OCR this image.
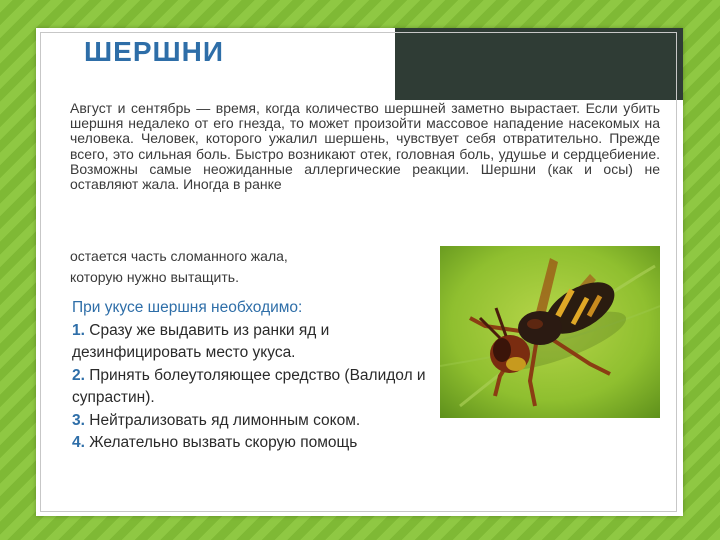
ШЕРШНИ

Август и сентябрь — время, когда количество шершней заметно вырастает. Если убить шершня недалеко от его гнезда, то может произойти массовое нападение насекомых на человека. Человек, которого ужалил шершень, чувствует себя отвратительно. Прежде всего, это сильная боль. Быстро возникают отек, головная боль, удушье и сердцебиение. Возможны самые неожиданные аллергические реакции. Шершни (как и осы) не оставляют жала. Иногда в ранке

остается часть сломанного жала,
которую нужно вытащить.

При укусе шершня необходимо:
1. Сразу же выдавить из ранки яд и дезинфицировать место укуса.
2. Принять болеутоляющее средство (Валидол и супрастин).
3. Нейтрализовать яд лимонным соком.
4. Желательно вызвать скорую помощь
